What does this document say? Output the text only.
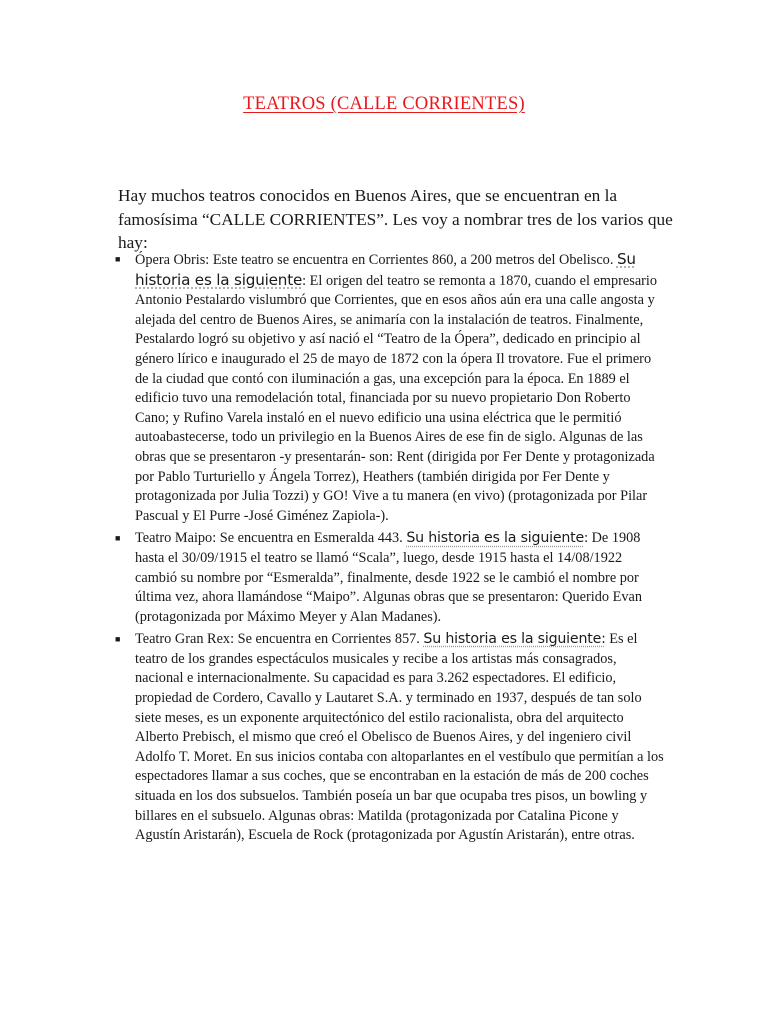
TEATROS (CALLE CORRIENTES)

Hay muchos teatros conocidos en Buenos Aires, que se encuentran en la famosísima “CALLE CORRIENTES”. Les voy a nombrar tres de los varios que hay:

■ Ópera Obris: Este teatro se encuentra en Corrientes 860, a 200 metros del Obelisco. Su historia es la siguiente: El origen del teatro se remonta a 1870, cuando el empresario Antonio Pestalardo vislumbró que Corrientes, que en esos años aún era una calle angosta y alejada del centro de Buenos Aires, se animaría con la instalación de teatros. Finalmente, Pestalardo logró su objetivo y así nació el “Teatro de la Ópera”, dedicado en principio al género lírico e inaugurado el 25 de mayo de 1872 con la ópera Il trovatore. Fue el primero de la ciudad que contó con iluminación a gas, una excepción para la época. En 1889 el edificio tuvo una remodelación total, financiada por su nuevo propietario Don Roberto Cano; y Rufino Varela instaló en el nuevo edificio una usina eléctrica que le permitió autoabastecerse, todo un privilegio en la Buenos Aires de ese fin de siglo. Algunas de las obras que se presentaron -y presentarán- son: Rent (dirigida por Fer Dente y protagonizada por Pablo Turturiello y Ángela Torrez), Heathers (también dirigida por Fer Dente y protagonizada por Julia Tozzi) y GO! Vive a tu manera (en vivo) (protagonizada por Pilar Pascual y El Purre -José Giménez Zapiola-).
■ Teatro Maipo: Se encuentra en Esmeralda 443. Su historia es la siguiente: De 1908 hasta el 30/09/1915 el teatro se llamó “Scala”, luego, desde 1915 hasta el 14/08/1922 cambió su nombre por “Esmeralda”, finalmente, desde 1922 se le cambió el nombre por última vez, ahora llamándose “Maipo”. Algunas obras que se presentaron: Querido Evan (protagonizada por Máximo Meyer y Alan Madanes).
■ Teatro Gran Rex: Se encuentra en Corrientes 857. Su historia es la siguiente: Es el teatro de los grandes espectáculos musicales y recibe a los artistas más consagrados, nacional e internacionalmente. Su capacidad es para 3.262 espectadores. El edificio, propiedad de Cordero, Cavallo y Lautaret S.A. y terminado en 1937, después de tan solo siete meses, es un exponente arquitectónico del estilo racionalista, obra del arquitecto Alberto Prebisch, el mismo que creó el Obelisco de Buenos Aires, y del ingeniero civil Adolfo T. Moret. En sus inicios contaba con altoparlantes en el vestíbulo que permitían a los espectadores llamar a sus coches, que se encontraban en la estación de más de 200 coches situada en los dos subsuelos. También poseía un bar que ocupaba tres pisos, un bowling y billares en el subsuelo. Algunas obras: Matilda (protagonizada por Catalina Picone y Agustín Aristarán), Escuela de Rock (protagonizada por Agustín Aristarán), entre otras.
